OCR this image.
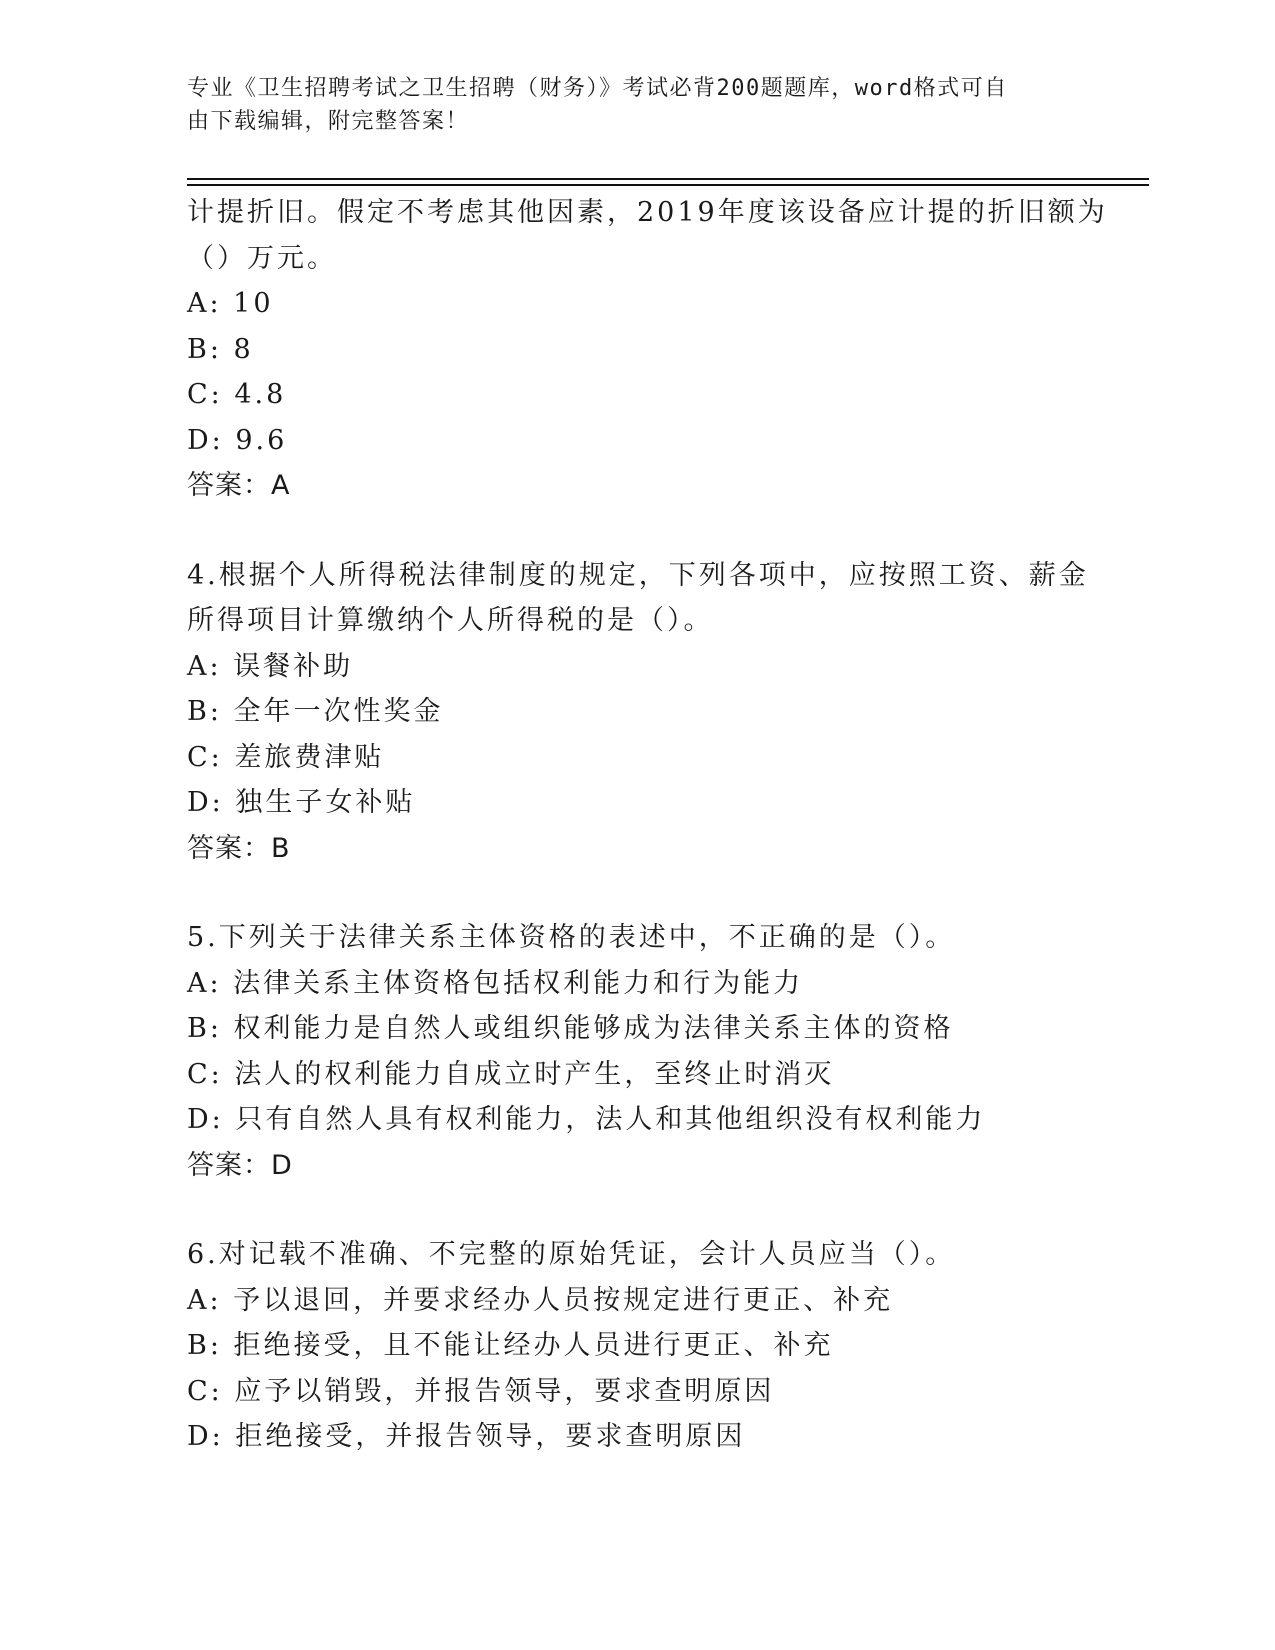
专业《卫生招聘考试之卫生招聘（财务）》考试必背200题题库，word格式可自
由下载编辑，附完整答案！
计提折旧。假定不考虑其他因素，2019年度该设备应计提的折旧额为
（）万元。
A: 10
B: 8
C: 4.8
D: 9.6
答案：A
4.根据个人所得税法律制度的规定，下列各项中，应按照工资、薪金
所得项目计算缴纳个人所得税的是（）。
A: 误餐补助
B: 全年一次性奖金
C: 差旅费津贴
D: 独生子女补贴
答案：B
5.下列关于法律关系主体资格的表述中，不正确的是（）。
A: 法律关系主体资格包括权利能力和行为能力
B: 权利能力是自然人或组织能够成为法律关系主体的资格
C: 法人的权利能力自成立时产生，至终止时消灭
D: 只有自然人具有权利能力，法人和其他组织没有权利能力
答案：D
6.对记载不准确、不完整的原始凭证，会计人员应当（）。
A: 予以退回，并要求经办人员按规定进行更正、补充
B: 拒绝接受，且不能让经办人员进行更正、补充
C: 应予以销毁，并报告领导，要求查明原因
D: 拒绝接受，并报告领导，要求查明原因
